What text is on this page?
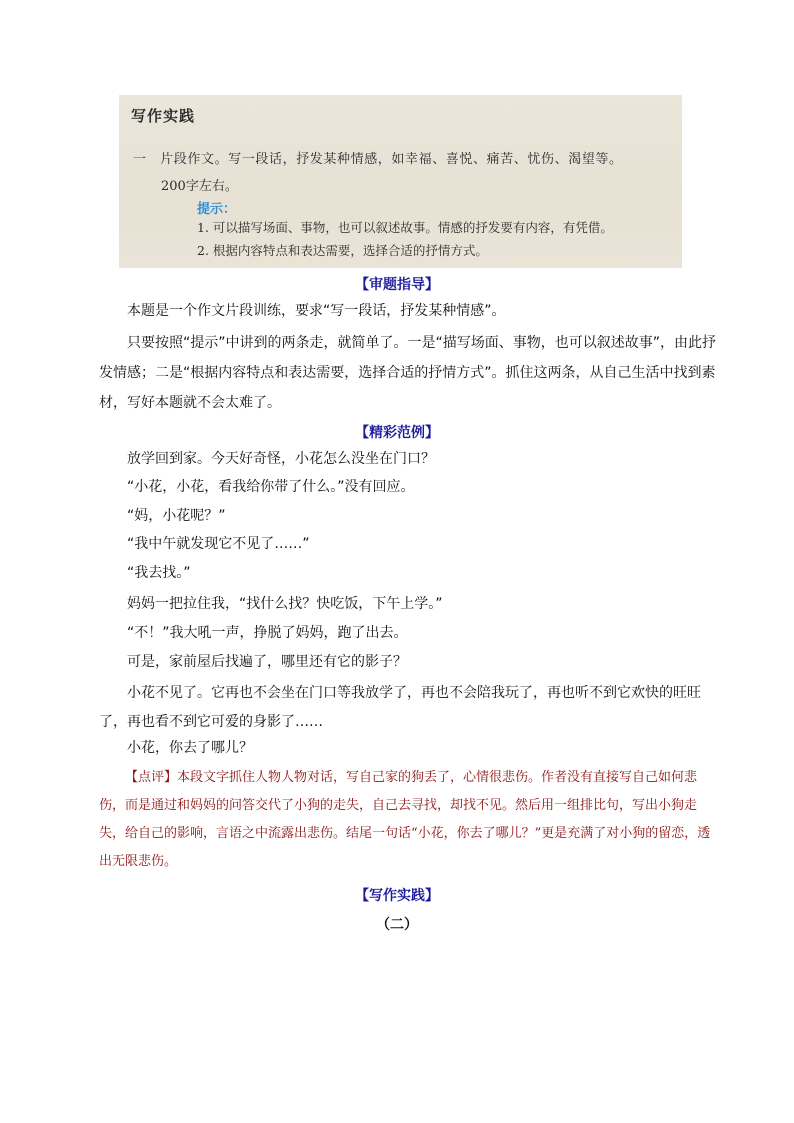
写作实践
一　片段作文。写一段话，抒发某种情感，如幸福、喜悦、痛苦、忧伤、渴望等。
200字左右。
提示：
1. 可以描写场面、事物，也可以叙述故事。情感的抒发要有内容，有凭借。
2. 根据内容特点和表达需要，选择合适的抒情方式。
【审题指导】
本题是一个作文片段训练，要求“写一段话，抒发某种情感”。
只要按照“提示”中讲到的两条走，就简单了。一是“描写场面、事物，也可以叙述故事”，由此抒发情感；二是“根据内容特点和表达需要，选择合适的抒情方式”。抓住这两条，从自己生活中找到素材，写好本题就不会太难了。
【精彩范例】
放学回到家。今天好奇怪，小花怎么没坐在门口？
“小花，小花，看我给你带了什么。”没有回应。
“妈，小花呢？”
“我中午就发现它不见了……”
“我去找。”
妈妈一把拉住我，“找什么找？快吃饭，下午上学。”
“不！”我大吼一声，挣脱了妈妈，跑了出去。
可是，家前屋后找遍了，哪里还有它的影子？
小花不见了。它再也不会坐在门口等我放学了，再也不会陪我玩了，再也听不到它欢快的旺旺了，再也看不到它可爱的身影了……
小花，你去了哪儿？
【点评】本段文字抓住人物人物对话，写自己家的狗丢了，心情很悲伤。作者没有直接写自己如何悲伤，而是通过和妈妈的问答交代了小狗的走失，自己去寻找，却找不见。然后用一组排比句，写出小狗走失，给自己的影响，言语之中流露出悲伤。结尾一句话“小花，你去了哪儿？”更是充满了对小狗的留恋，透出无限悲伤。
【写作实践】
（二）
